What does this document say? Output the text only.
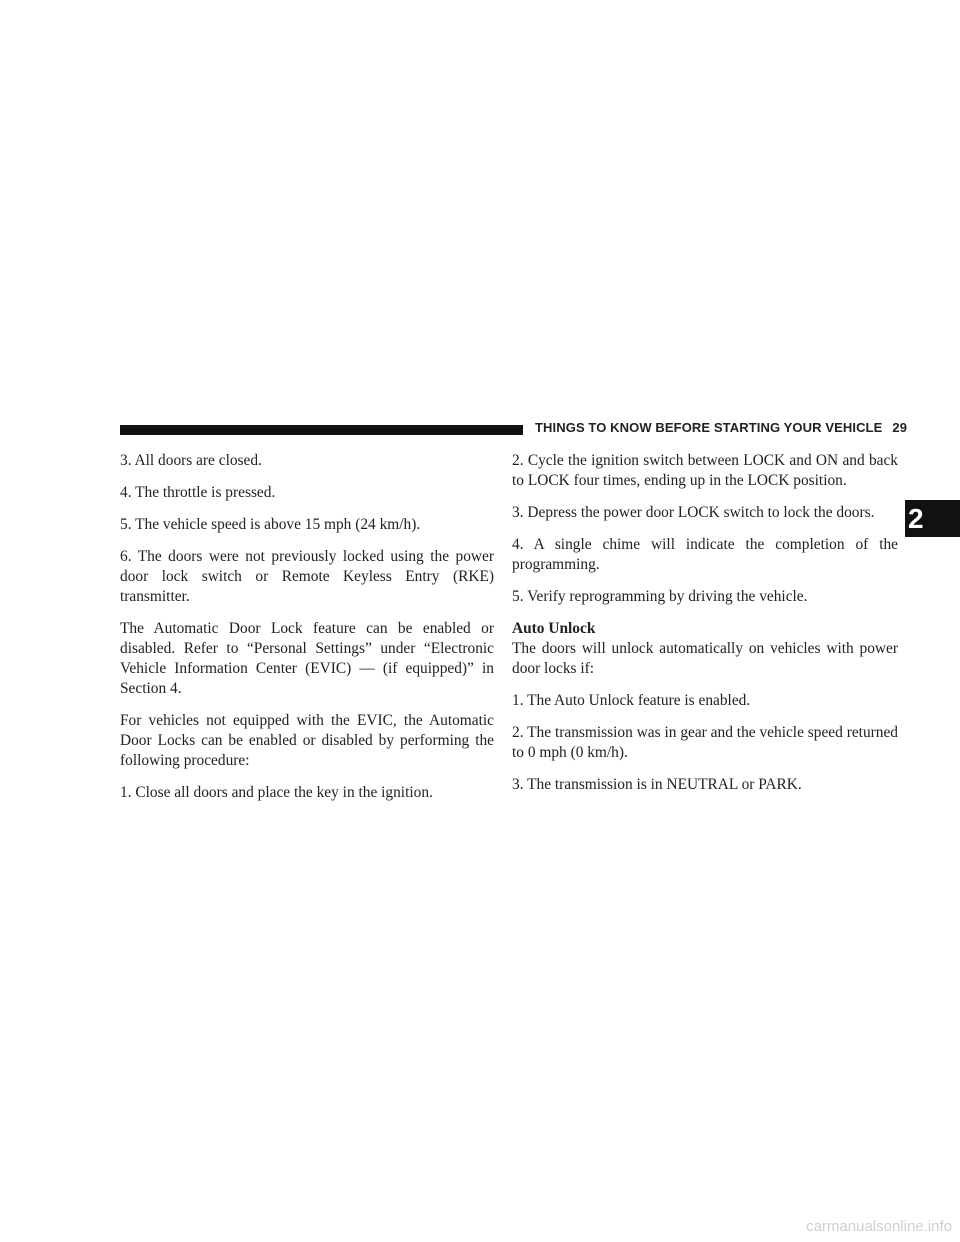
THINGS TO KNOW BEFORE STARTING YOUR VEHICLE 29

3. All doors are closed.

4. The throttle is pressed.

5. The vehicle speed is above 15 mph (24 km/h).

6. The doors were not previously locked using the power door lock switch or Remote Keyless Entry (RKE) transmitter.

The Automatic Door Lock feature can be enabled or disabled. Refer to “Personal Settings” under “Electronic Vehicle Information Center (EVIC) — (if equipped)” in Section 4.

For vehicles not equipped with the EVIC, the Automatic Door Locks can be enabled or disabled by performing the following procedure:

1. Close all doors and place the key in the ignition.

2. Cycle the ignition switch between LOCK and ON and back to LOCK four times, ending up in the LOCK position.

3. Depress the power door LOCK switch to lock the doors.

4. A single chime will indicate the completion of the programming.

5. Verify reprogramming by driving the vehicle.

Auto Unlock

The doors will unlock automatically on vehicles with power door locks if:

1. The Auto Unlock feature is enabled.

2. The transmission was in gear and the vehicle speed returned to 0 mph (0 km/h).

3. The transmission is in NEUTRAL or PARK.

2
carmanualsonline.info
